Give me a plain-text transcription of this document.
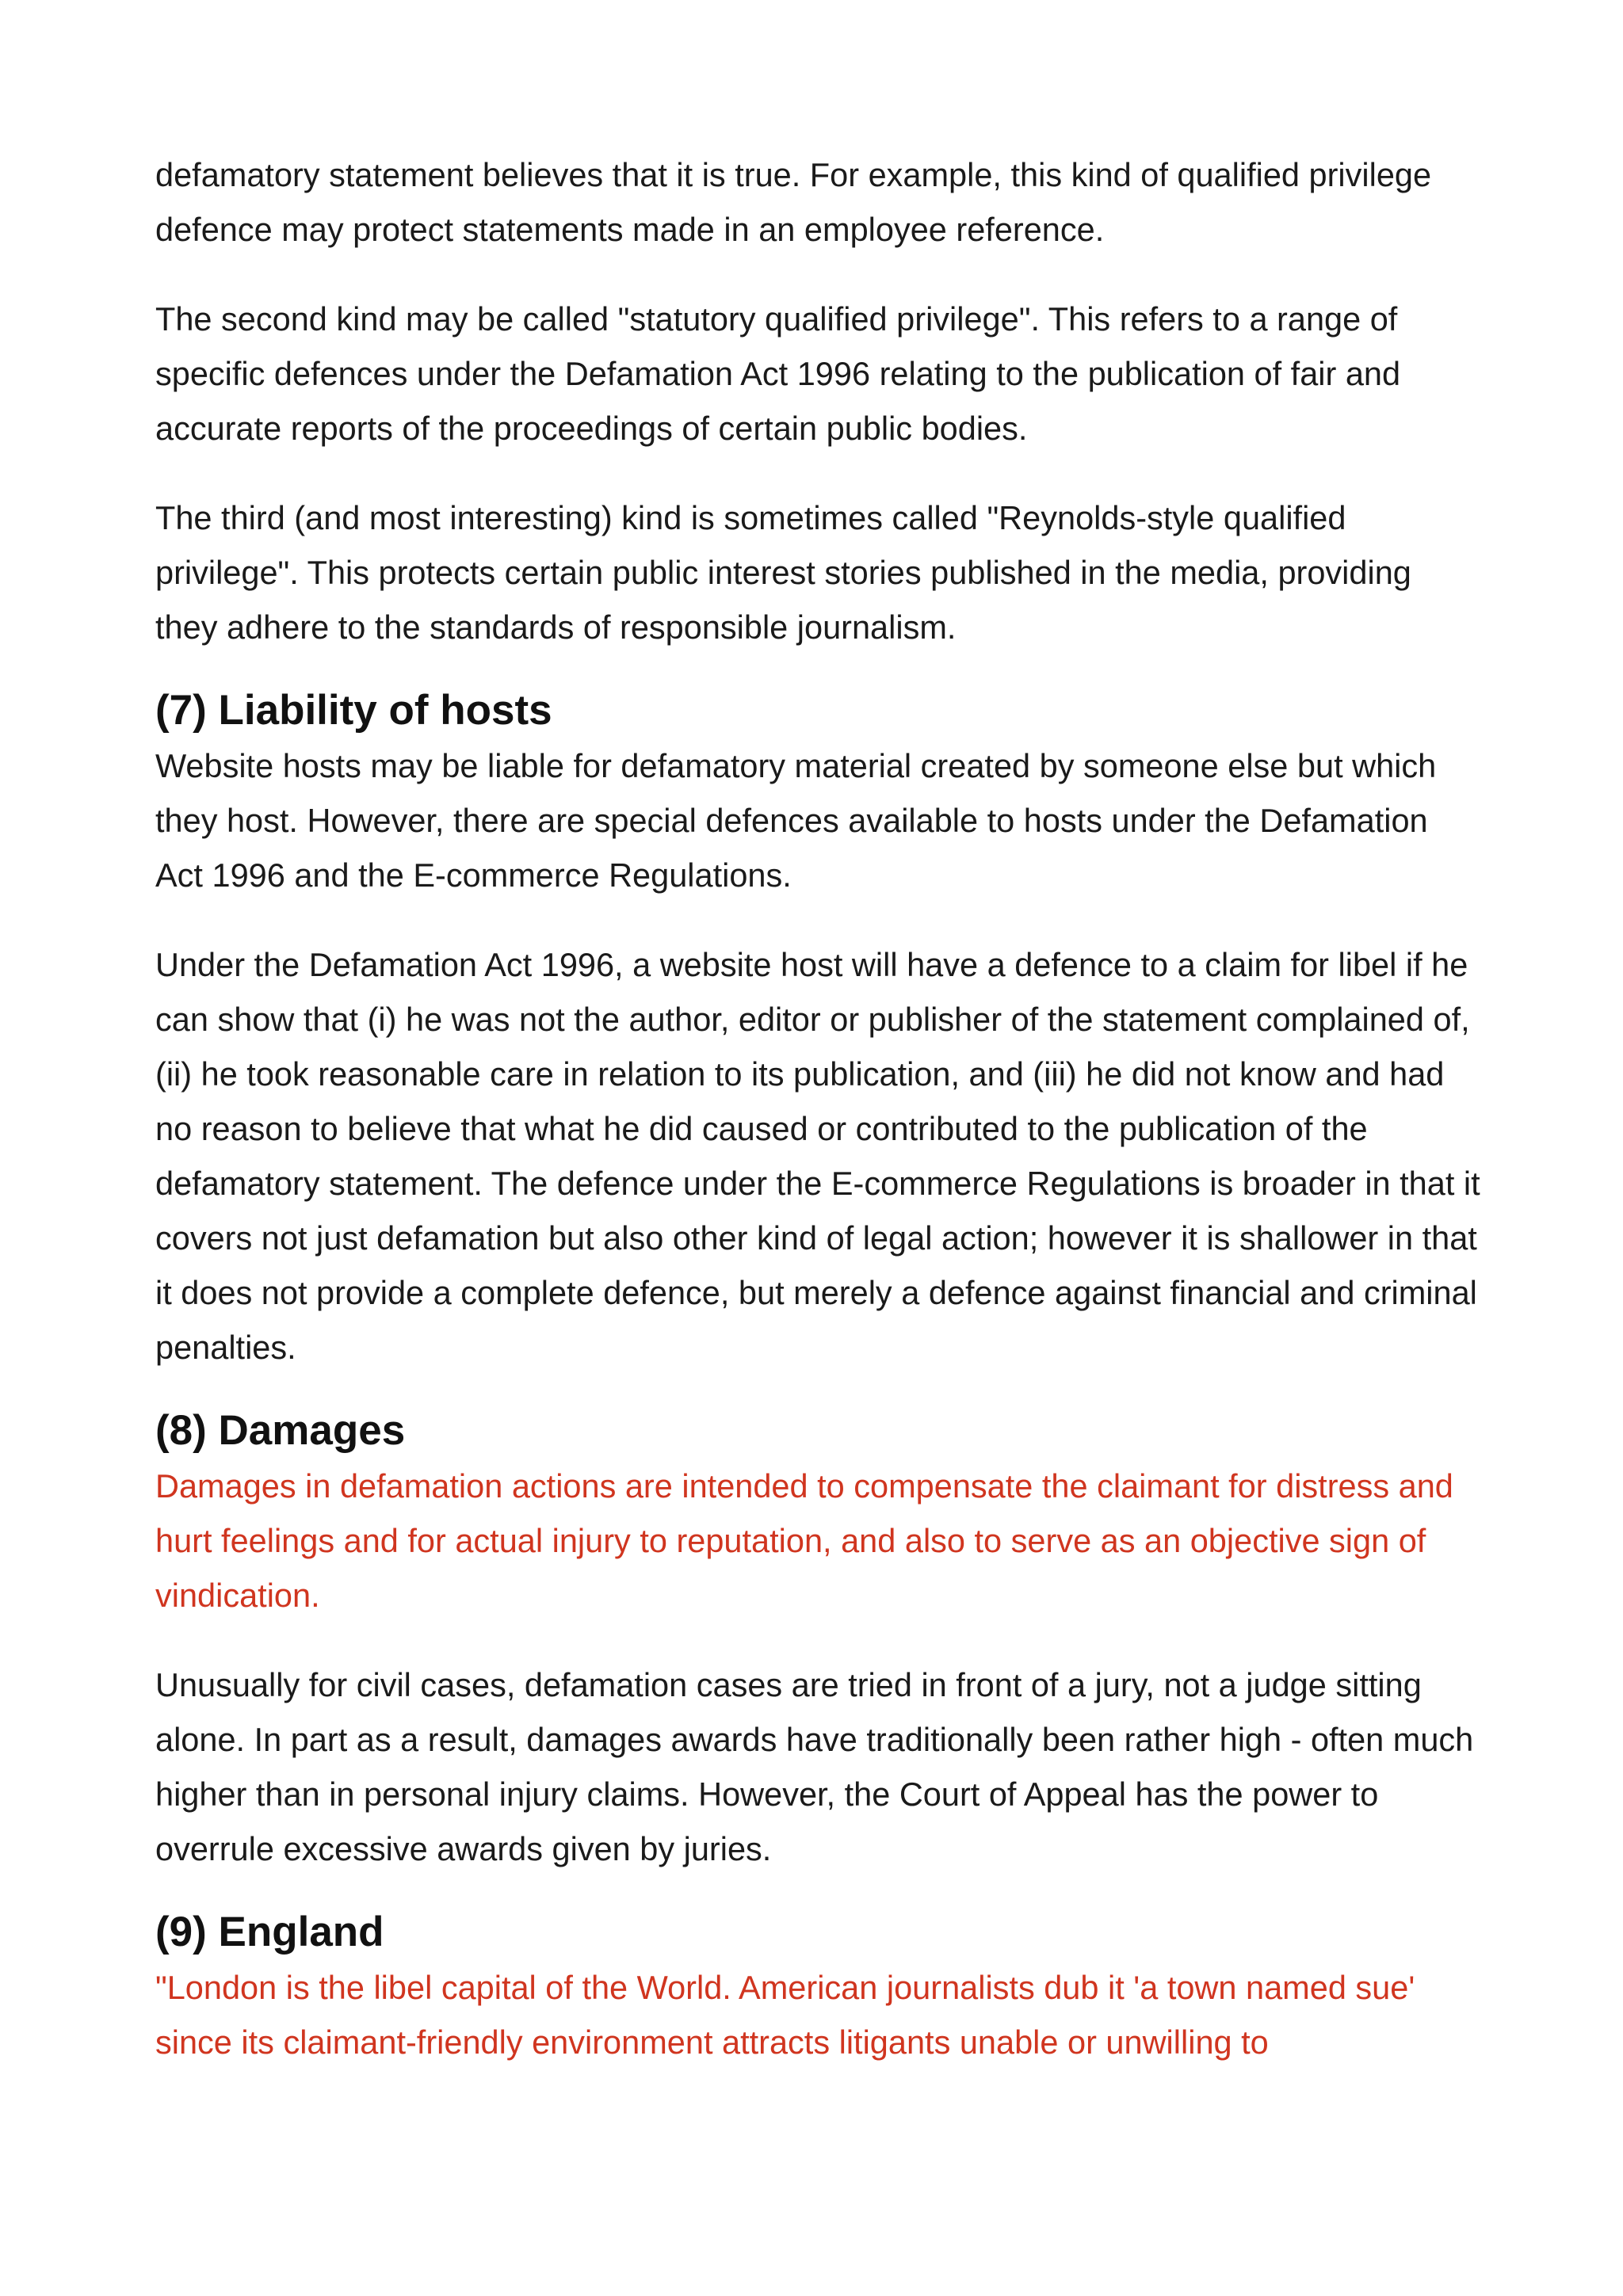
defamatory statement believes that it is true. For example, this kind of qualified privilege defence may protect statements made in an employee reference.

The second kind may be called "statutory qualified privilege". This refers to a range of specific defences under the Defamation Act 1996 relating to the publication of fair and accurate reports of the proceedings of certain public bodies.

The third (and most interesting) kind is sometimes called "Reynolds-style qualified privilege". This protects certain public interest stories published in the media, providing they adhere to the standards of responsible journalism.

(7) Liability of hosts

Website hosts may be liable for defamatory material created by someone else but which they host. However, there are special defences available to hosts under the Defamation Act 1996 and the E-commerce Regulations.

Under the Defamation Act 1996, a website host will have a defence to a claim for libel if he can show that (i) he was not the author, editor or publisher of the statement complained of, (ii) he took reasonable care in relation to its publication, and (iii) he did not know and had no reason to believe that what he did caused or contributed to the publication of the defamatory statement. The defence under the E-commerce Regulations is broader in that it covers not just defamation but also other kind of legal action; however it is shallower in that it does not provide a complete defence, but merely a defence against financial and criminal penalties.

(8) Damages

Damages in defamation actions are intended to compensate the claimant for distress and hurt feelings and for actual injury to reputation, and also to serve as an objective sign of vindication.

Unusually for civil cases, defamation cases are tried in front of a jury, not a judge sitting alone. In part as a result, damages awards have traditionally been rather high - often much higher than in personal injury claims. However, the Court of Appeal has the power to overrule excessive awards given by juries.

(9) England

"London is the libel capital of the World. American journalists dub it 'a town named sue' since its claimant-friendly environment attracts litigants unable or unwilling to
